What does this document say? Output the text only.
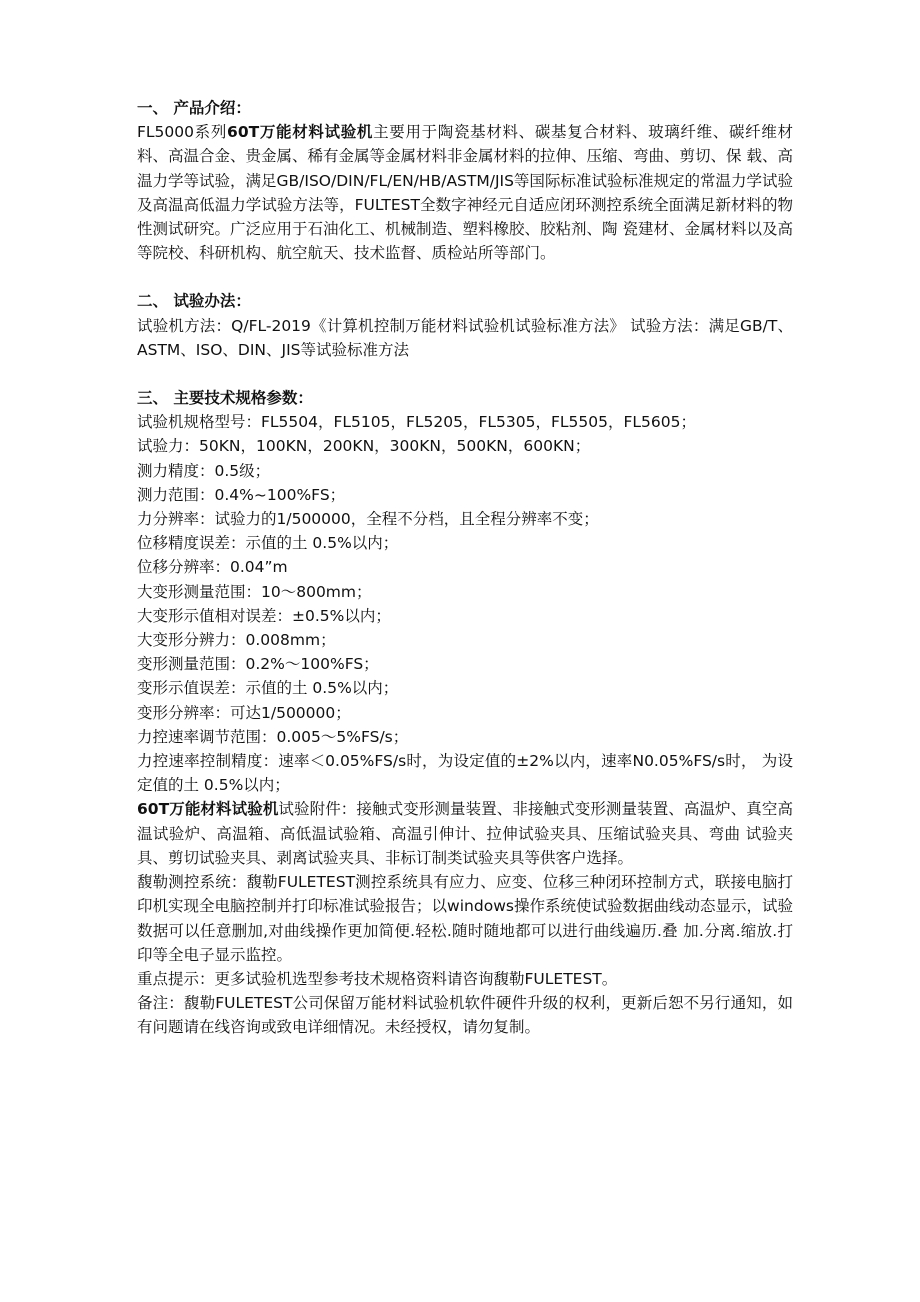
一、 产品介绍：

FL5000系列60T万能材料试验机主要用于陶瓷基材料、碳基复合材料、玻璃纤维、碳纤维材料、高温合金、贵金属、稀有金属等金属材料非金属材料的拉伸、压缩、弯曲、剪切、保 载、高温力学等试验，满足GB/ISO/DIN/FL/EN/HB/ASTM/JIS等国际标准试验标准规定的常温力学试验及高温高低温力学试验方法等，FULTEST全数字神经元自适应闭环测控系统全面满足新材料的物性测试研究。广泛应用于石油化工、机械制造、塑料橡胶、胶粘剂、陶 瓷建材、金属材料以及高等院校、科研机构、航空航天、技术监督、质检站所等部门。

二、 试验办法：

试验机方法：Q/FL-2019《计算机控制万能材料试验机试验标准方法》 试验方法：满足GB/T、ASTM、ISO、DIN、JIS等试验标准方法

三、 主要技术规格参数：

试验机规格型号：FL5504，FL5105，FL5205，FL5305，FL5505，FL5605；

试验力：50KN，100KN，200KN，300KN，500KN，600KN；

测力精度：0.5级；

测力范围：0.4%~100%FS；

力分辨率：试验力的1/500000，全程不分档，且全程分辨率不变；

位移精度误差：示值的土 0.5%以内；

位移分辨率：0.04”m

大变形测量范围：10〜800mm；

大变形示值相对误差：±0.5%以内；

大变形分辨力：0.008mm；

变形测量范围：0.2%〜100%FS；

变形示值误差：示值的土 0.5%以内；

变形分辨率：可达1/500000；

力控速率调节范围：0.005〜5%FS/s；

力控速率控制精度：速率＜0.05%FS/s时，为设定值的±2%以内，速率N0.05%FS/s时， 为设定值的土 0.5%以内；

60T万能材料试验机试验附件：接触式变形测量装置、非接触式变形测量装置、高温炉、真空高温试验炉、高温箱、高低温试验箱、高温引伸计、拉伸试验夹具、压缩试验夹具、弯曲 试验夹具、剪切试验夹具、剥离试验夹具、非标订制类试验夹具等供客户选择。

馥勒测控系统：馥勒FULETEST测控系统具有应力、应变、位移三种闭环控制方式，联接电脑打印机实现全电脑控制并打印标准试验报告；以windows操作系统使试验数据曲线动态显示，试验数据可以任意删加,对曲线操作更加简便.轻松.随时随地都可以进行曲线遍历.叠 加.分离.缩放.打印等全电子显示监控。

重点提示：更多试验机选型参考技术规格资料请咨询馥勒FULETEST。

备注：馥勒FULETEST公司保留万能材料试验机软件硬件升级的权利，更新后恕不另行通知，如有问题请在线咨询或致电详细情况。未经授权，请勿复制。
